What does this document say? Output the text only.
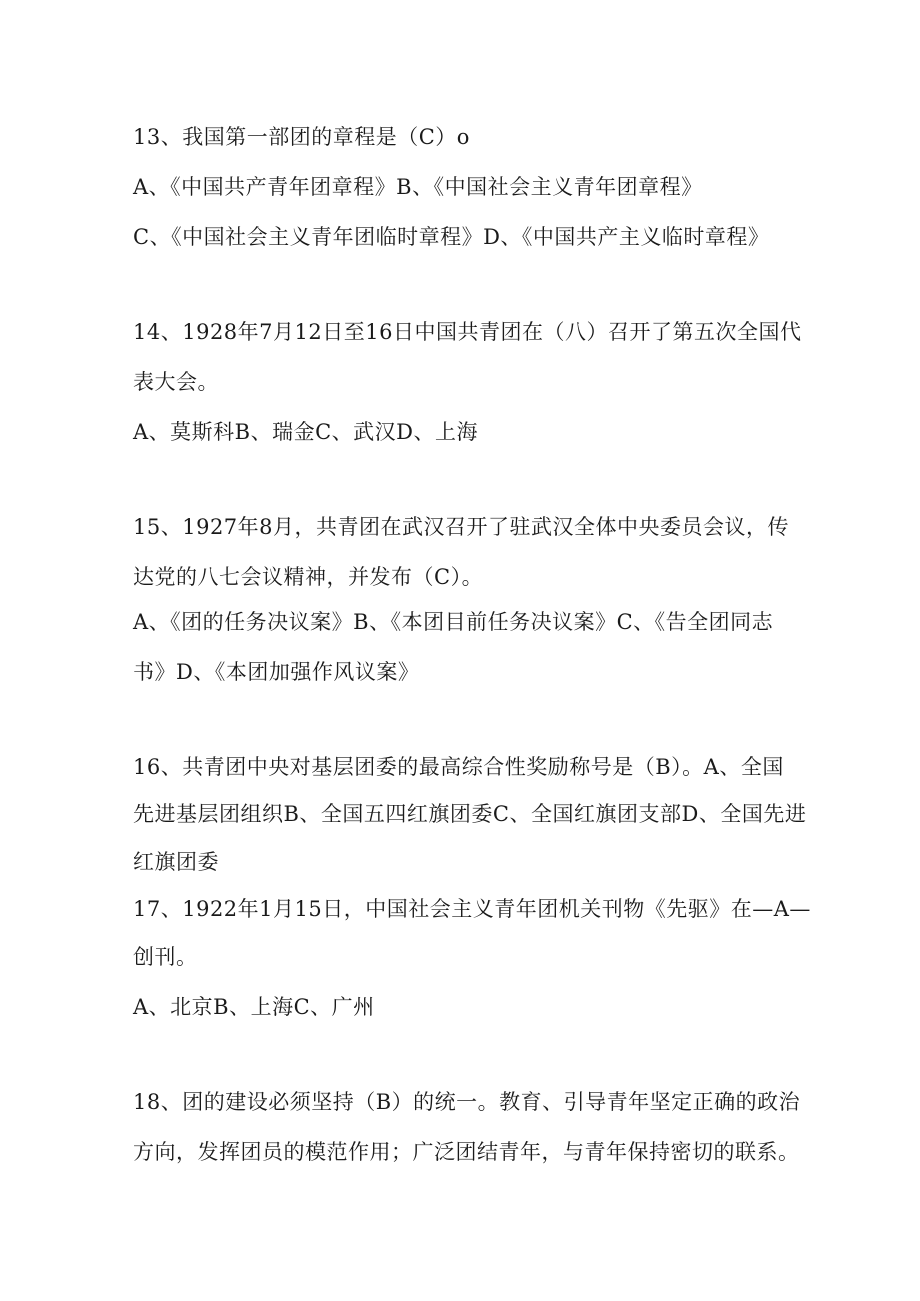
13、我国第一部团的章程是（C）o
A、《中国共产青年团章程》B、《中国社会主义青年团章程》
C、《中国社会主义青年团临时章程》D、《中国共产主义临时章程》
14、1928年7月12日至16日中国共青团在（八）召开了第五次全国代
表大会。
A、莫斯科B、瑞金C、武汉D、上海
15、1927年8月，共青团在武汉召开了驻武汉全体中央委员会议，传
达党的八七会议精神，并发布（C）。
A、《团的任务决议案》B、《本团目前任务决议案》C、《告全团同志
书》D、《本团加强作风议案》
16、共青团中央对基层团委的最高综合性奖励称号是（B）。A、全国
先进基层团组织B、全国五四红旗团委C、全国红旗团支部D、全国先进
红旗团委
17、1922年1月15日，中国社会主义青年团机关刊物《先驱》在—A—
创刊。
A、北京B、上海C、广州
18、团的建设必须坚持（B）的统一。教育、引导青年坚定正确的政治
方向，发挥团员的模范作用；广泛团结青年，与青年保持密切的联系。
